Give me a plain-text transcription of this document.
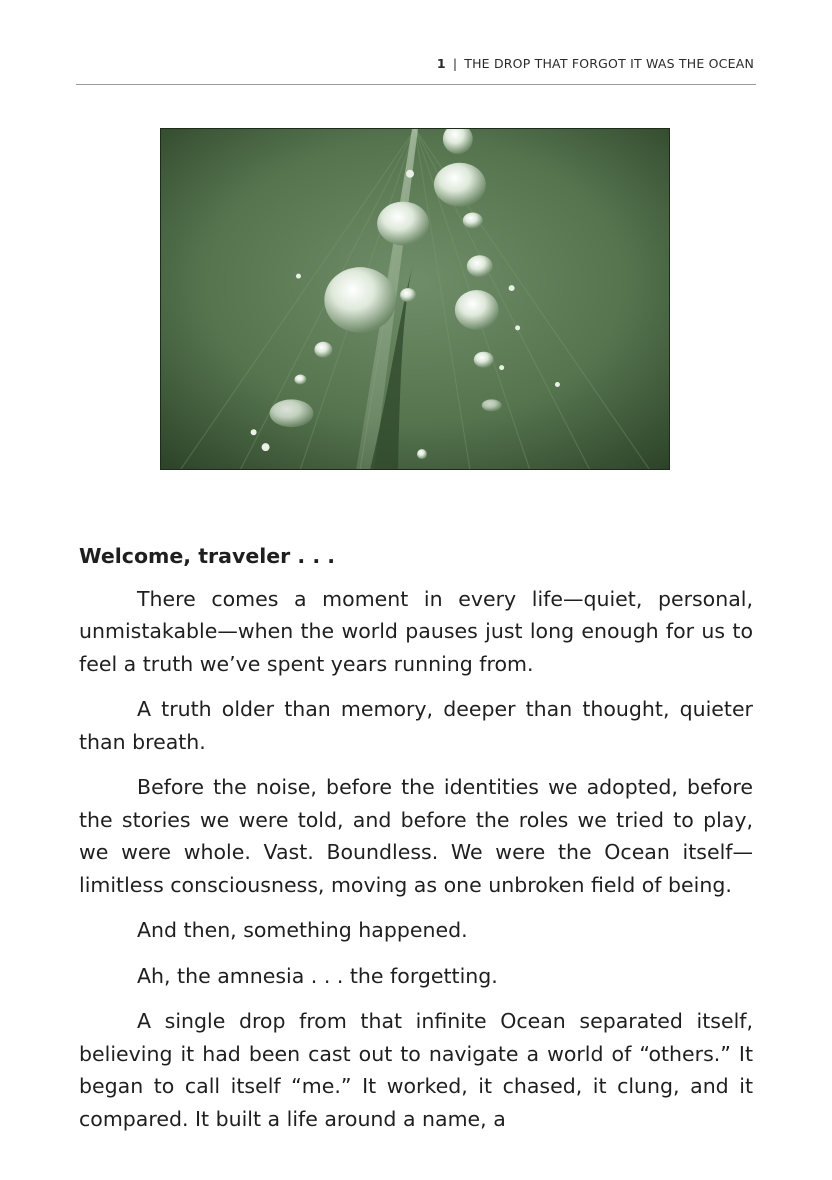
1 | THE DROP THAT FORGOT IT WAS THE OCEAN
Welcome, traveler . . .

There comes a moment in every life—quiet, personal, unmistakable—when the world pauses just long enough for us to feel a truth we’ve spent years running from.

A truth older than memory, deeper than thought, quieter than breath.

Before the noise, before the identities we adopted, before the stories we were told, and before the roles we tried to play, we were whole. Vast. Boundless. We were the Ocean itself—limitless consciousness, moving as one unbroken field of being.

And then, something happened.

Ah, the amnesia . . . the forgetting.

A single drop from that infinite Ocean separated itself, believing it had been cast out to navigate a world of “others.” It began to call itself “me.” It worked, it chased, it clung, and it compared. It built a life around a name, a
